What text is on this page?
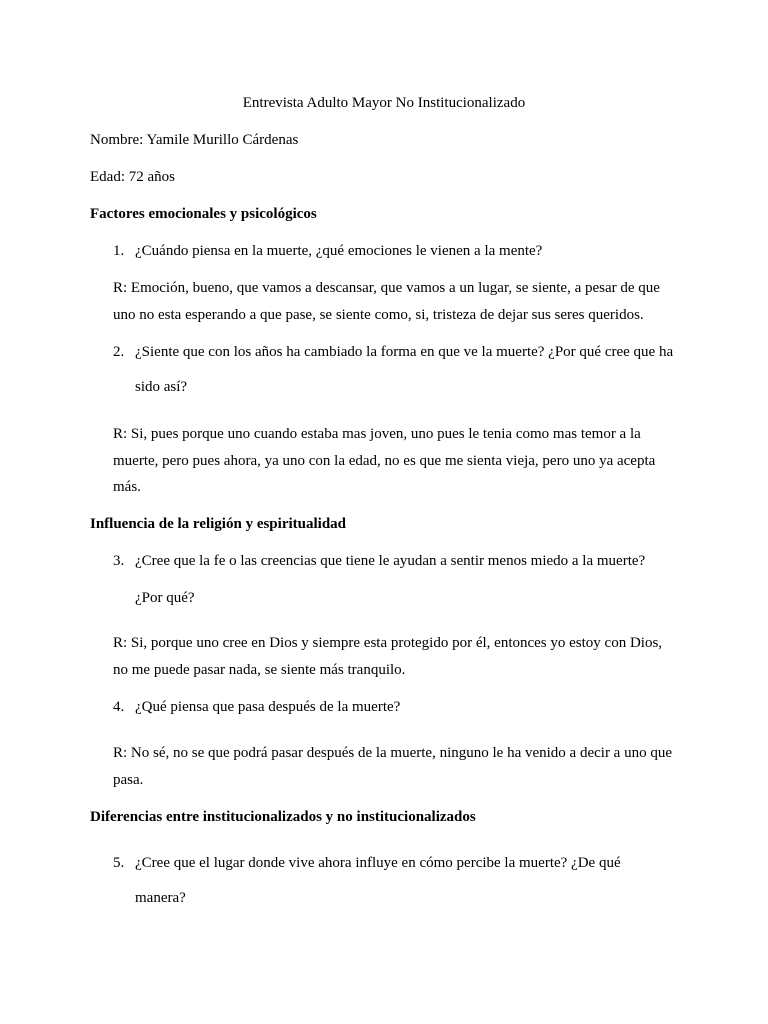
Entrevista Adulto Mayor No Institucionalizado
Nombre: Yamile Murillo Cárdenas
Edad: 72 años
Factores emocionales y psicológicos
1. ¿Cuándo piensa en la muerte, ¿qué emociones le vienen a la mente?
R: Emoción, bueno, que vamos a descansar, que vamos a un lugar, se siente, a pesar de que
uno no esta esperando a que pase, se siente como, si, tristeza de dejar sus seres queridos.
2. ¿Siente que con los años ha cambiado la forma en que ve la muerte? ¿Por qué cree que ha
sido así?
R: Si, pues porque uno cuando estaba mas joven, uno pues le tenia como mas temor a la
muerte, pero pues ahora, ya uno con la edad, no es que me sienta vieja, pero uno ya acepta
más.
Influencia de la religión y espiritualidad
3. ¿Cree que la fe o las creencias que tiene le ayudan a sentir menos miedo a la muerte?
¿Por qué?
R: Si, porque uno cree en Dios y siempre esta protegido por él, entonces yo estoy con Dios,
no me puede pasar nada, se siente más tranquilo.
4. ¿Qué piensa que pasa después de la muerte?
R: No sé, no se que podrá pasar después de la muerte, ninguno le ha venido a decir a uno que
pasa.
Diferencias entre institucionalizados y no institucionalizados
5. ¿Cree que el lugar donde vive ahora influye en cómo percibe la muerte? ¿De qué
manera?
